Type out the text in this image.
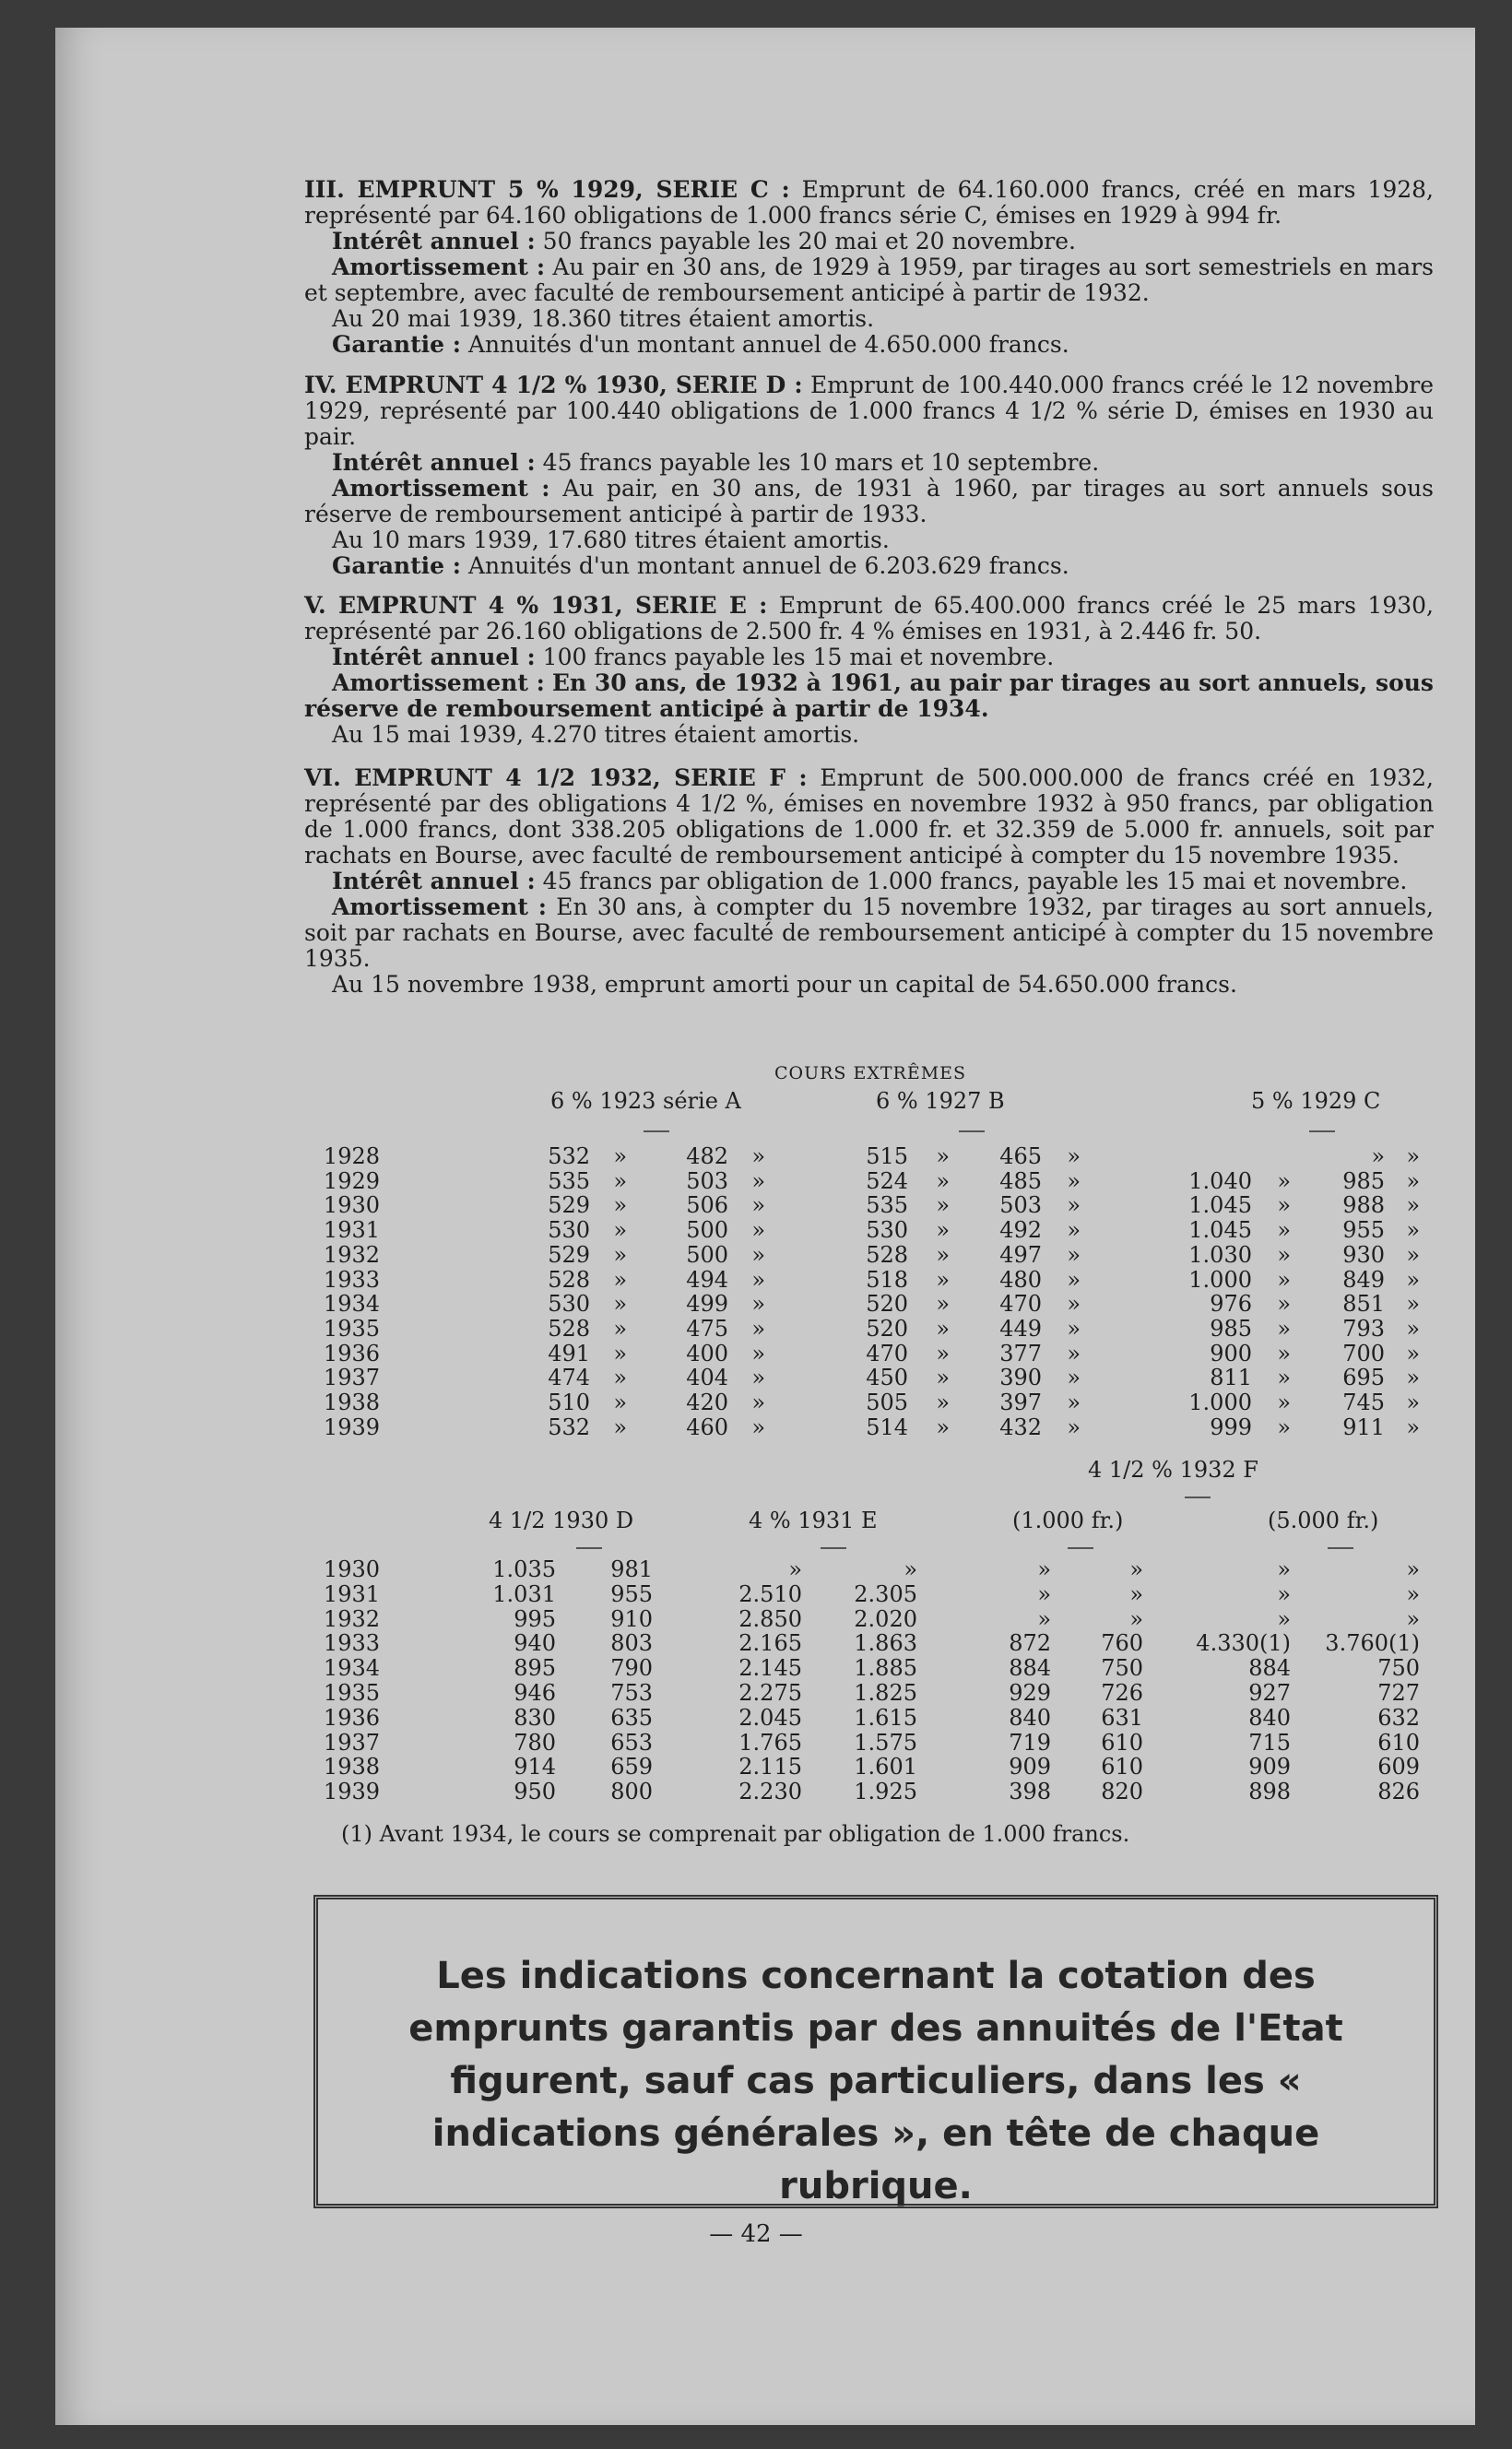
III. EMPRUNT 5 % 1929, SERIE C : Emprunt de 64.160.000 francs, créé en mars 1928, représenté par 64.160 obligations de 1.000 francs série C, émises en 1929 à 994 fr.

Intérêt annuel : 50 francs payable les 20 mai et 20 novembre.

Amortissement : Au pair en 30 ans, de 1929 à 1959, par tirages au sort semestriels en mars et septembre, avec faculté de remboursement anticipé à partir de 1932.

Au 20 mai 1939, 18.360 titres étaient amortis.

Garantie : Annuités d'un montant annuel de 4.650.000 francs.

IV. EMPRUNT 4 1/2 % 1930, SERIE D : Emprunt de 100.440.000 francs créé le 12 novembre 1929, représenté par 100.440 obligations de 1.000 francs 4 1/2 % série D, émises en 1930 au pair.

Intérêt annuel : 45 francs payable les 10 mars et 10 septembre.

Amortissement : Au pair, en 30 ans, de 1931 à 1960, par tirages au sort annuels sous réserve de remboursement anticipé à partir de 1933.

Au 10 mars 1939, 17.680 titres étaient amortis.

Garantie : Annuités d'un montant annuel de 6.203.629 francs.

V. EMPRUNT 4 % 1931, SERIE E : Emprunt de 65.400.000 francs créé le 25 mars 1930, représenté par 26.160 obligations de 2.500 fr. 4 % émises en 1931, à 2.446 fr. 50.

Intérêt annuel : 100 francs payable les 15 mai et novembre.

Amortissement : En 30 ans, de 1932 à 1961, au pair par tirages au sort annuels, sous réserve de remboursement anticipé à partir de 1934.

Au 15 mai 1939, 4.270 titres étaient amortis.

VI. EMPRUNT 4 1/2 1932, SERIE F : Emprunt de 500.000.000 de francs créé en 1932, représenté par des obligations 4 1/2 %, émises en novembre 1932 à 950 francs, par obligation de 1.000 francs, dont 338.205 obligations de 1.000 fr. et 32.359 de 5.000 fr. annuels, soit par rachats en Bourse, avec faculté de remboursement anticipé à compter du 15 novembre 1935.

Intérêt annuel : 45 francs par obligation de 1.000 francs, payable les 15 mai et novembre.

Amortissement : En 30 ans, à compter du 15 novembre 1932, par tirages au sort annuels, soit par rachats en Bourse, avec faculté de remboursement anticipé à compter du 15 novembre 1935.

Au 15 novembre 1938, emprunt amorti pour un capital de 54.650.000 francs.

COURS EXTRÊMES
6 % 1923 série A	6 % 1927 B	5 % 1929 C
1928	532	»	482	»	515	»	465	»	» »
1929	535	»	503	»	524	»	485	»	1.040	»	985 »
1930	529	»	506	»	535	»	503	»	1.045	»	988 »
1931	530	»	500	»	530	»	492	»	1.045	»	955 »
1932	529	»	500	»	528	»	497	»	1.030	»	930 »
1933	528	»	494	»	518	»	480	»	1.000	»	849 »
1934	530	»	499	»	520	»	470	»	976	»	851 »
1935	528	»	475	»	520	»	449	»	985	»	793 »
1936	491	»	400	»	470	»	377	»	900	»	700 »
1937	474	»	404	»	450	»	390	»	811	»	695 »
1938	510	»	420	»	505	»	397	»	1.000	»	745 »
1939	532	»	460	»	514	»	432	»	999	»	911 »
4 1/2 % 1932 F
4 1/2 1930 D	4 % 1931 E	(1.000 fr.)	(5.000 fr.)
1930	1.035	981	»	»	»	»	»	»
1931	1.031	955	2.510	2.305	»	»	»	»
1932	995	910	2.850	2.020	»	»	»	»
1933	940	803	2.165	1.863	872	760	4.330(1)	3.760(1)
1934	895	790	2.145	1.885	884	750	884	750
1935	946	753	2.275	1.825	929	726	927	727
1936	830	635	2.045	1.615	840	631	840	632
1937	780	653	1.765	1.575	719	610	715	610
1938	914	659	2.115	1.601	909	610	909	609
1939	950	800	2.230	1.925	398	820	898	826
(1) Avant 1934, le cours se comprenait par obligation de 1.000 francs.
Les indications concernant la cotation des emprunts garantis par des annuités de l'Etat figurent, sauf cas particuliers, dans les « indications générales », en tête de chaque rubrique.
— 42 —
